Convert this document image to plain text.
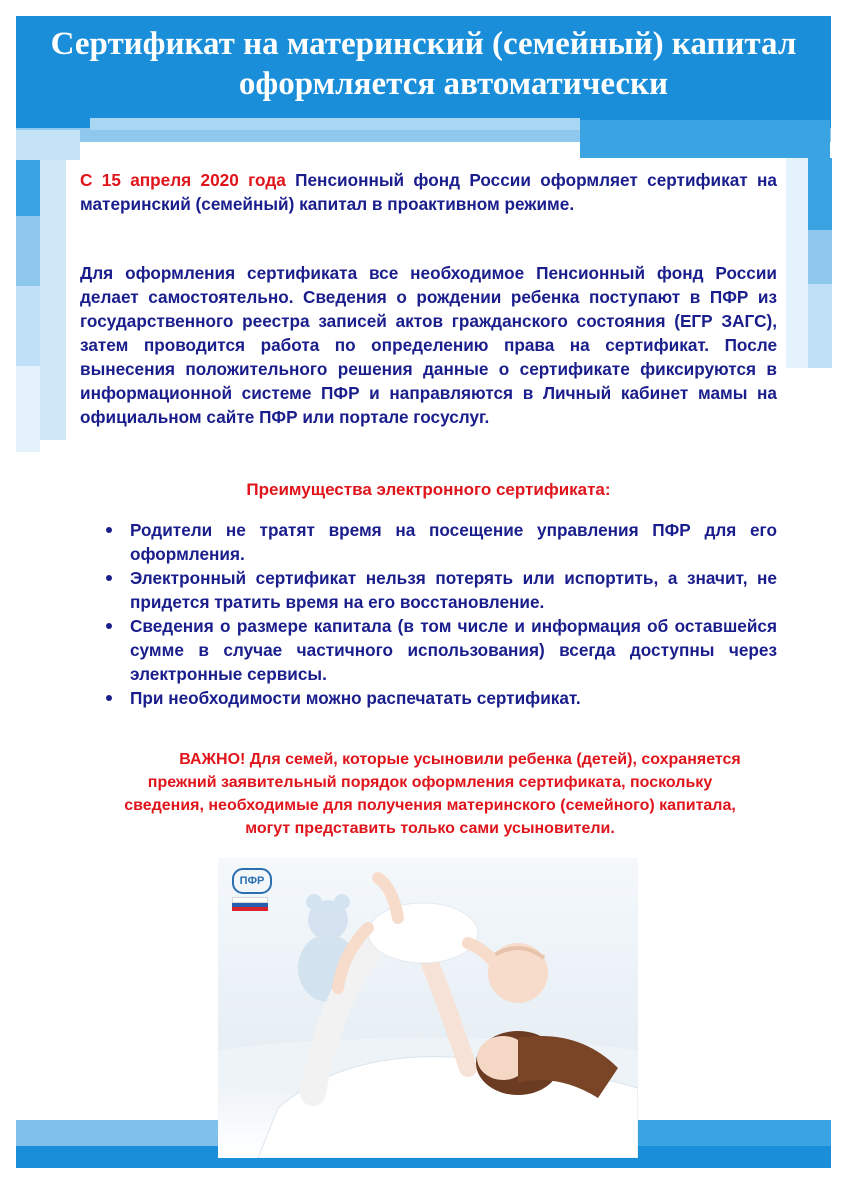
Сертификат на материнский (семейный) капитал
оформляется автоматически
С 15 апреля 2020 года Пенсионный фонд России оформляет сертификат на материнский (семейный) капитал в проактивном режиме.
Для оформления сертификата все необходимое Пенсионный фонд России делает самостоятельно. Сведения о рождении ребенка поступают в ПФР из государственного реестра записей актов гражданского состояния (ЕГР ЗАГС), затем проводится работа по определению права на сертификат. После вынесения положительного решения данные о сертификате фиксируются в информационной системе ПФР и направляются в Личный кабинет мамы на официальном сайте ПФР или портале госуслуг.
Преимущества электронного сертификата:
Родители не тратят время на посещение управления ПФР для его оформления.
Электронный сертификат нельзя потерять или испортить, а значит, не придется тратить время на его восстановление.
Сведения о размере капитала (в том числе и информация об оставшейся сумме в случае частичного использования) всегда доступны через электронные сервисы.
При необходимости можно распечатать сертификат.
ВАЖНО! Для семей, которые усыновили ребенка (детей), сохраняется
прежний заявительный порядок оформления сертификата, поскольку
сведения, необходимые для получения материнского (семейного) капитала,
могут представить только сами усыновители.
ПФР
